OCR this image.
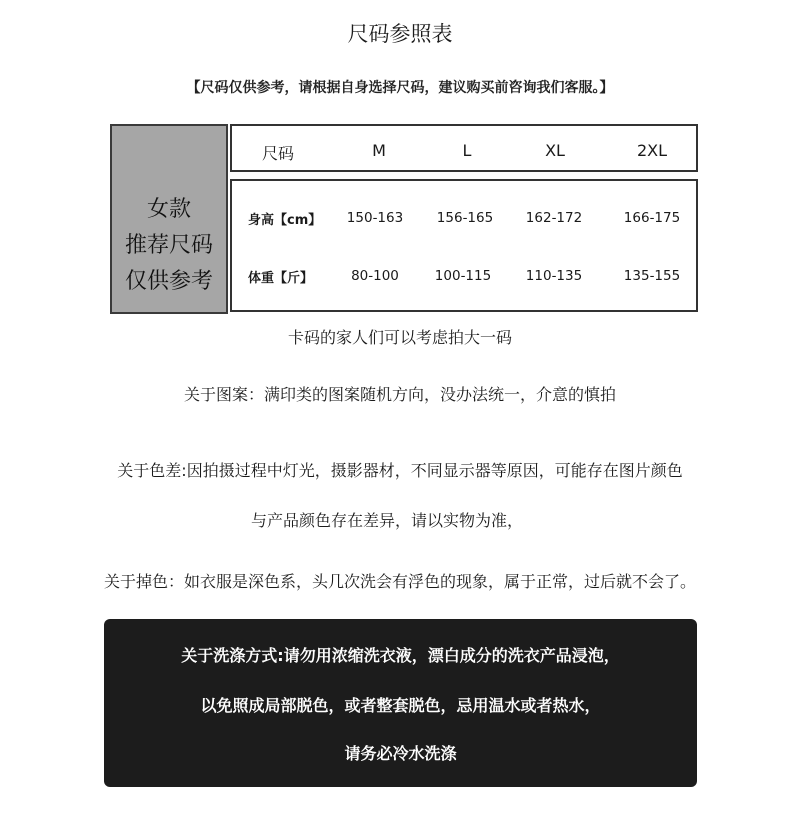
尺码参照表
【尺码仅供参考，请根据自身选择尺码，建议购买前咨询我们客服。】
女款
推荐尺码
仅供参考
尺码	M	L	XL	2XL
身高【cm】	150-163	156-165	162-172	166-175
体重【斤】	80-100	100-115	110-135	135-155
卡码的家人们可以考虑拍大一码
关于图案：满印类的图案随机方向，没办法统一，介意的慎拍
关于色差:因拍摄过程中灯光，摄影器材，不同显示器等原因，可能存在图片颜色
与产品颜色存在差异，请以实物为准，
关于掉色：如衣服是深色系，头几次洗会有浮色的现象，属于正常，过后就不会了。
关于洗涤方式:请勿用浓缩洗衣液，漂白成分的洗衣产品浸泡，
以免照成局部脱色，或者整套脱色，忌用温水或者热水，
请务必冷水洗涤
